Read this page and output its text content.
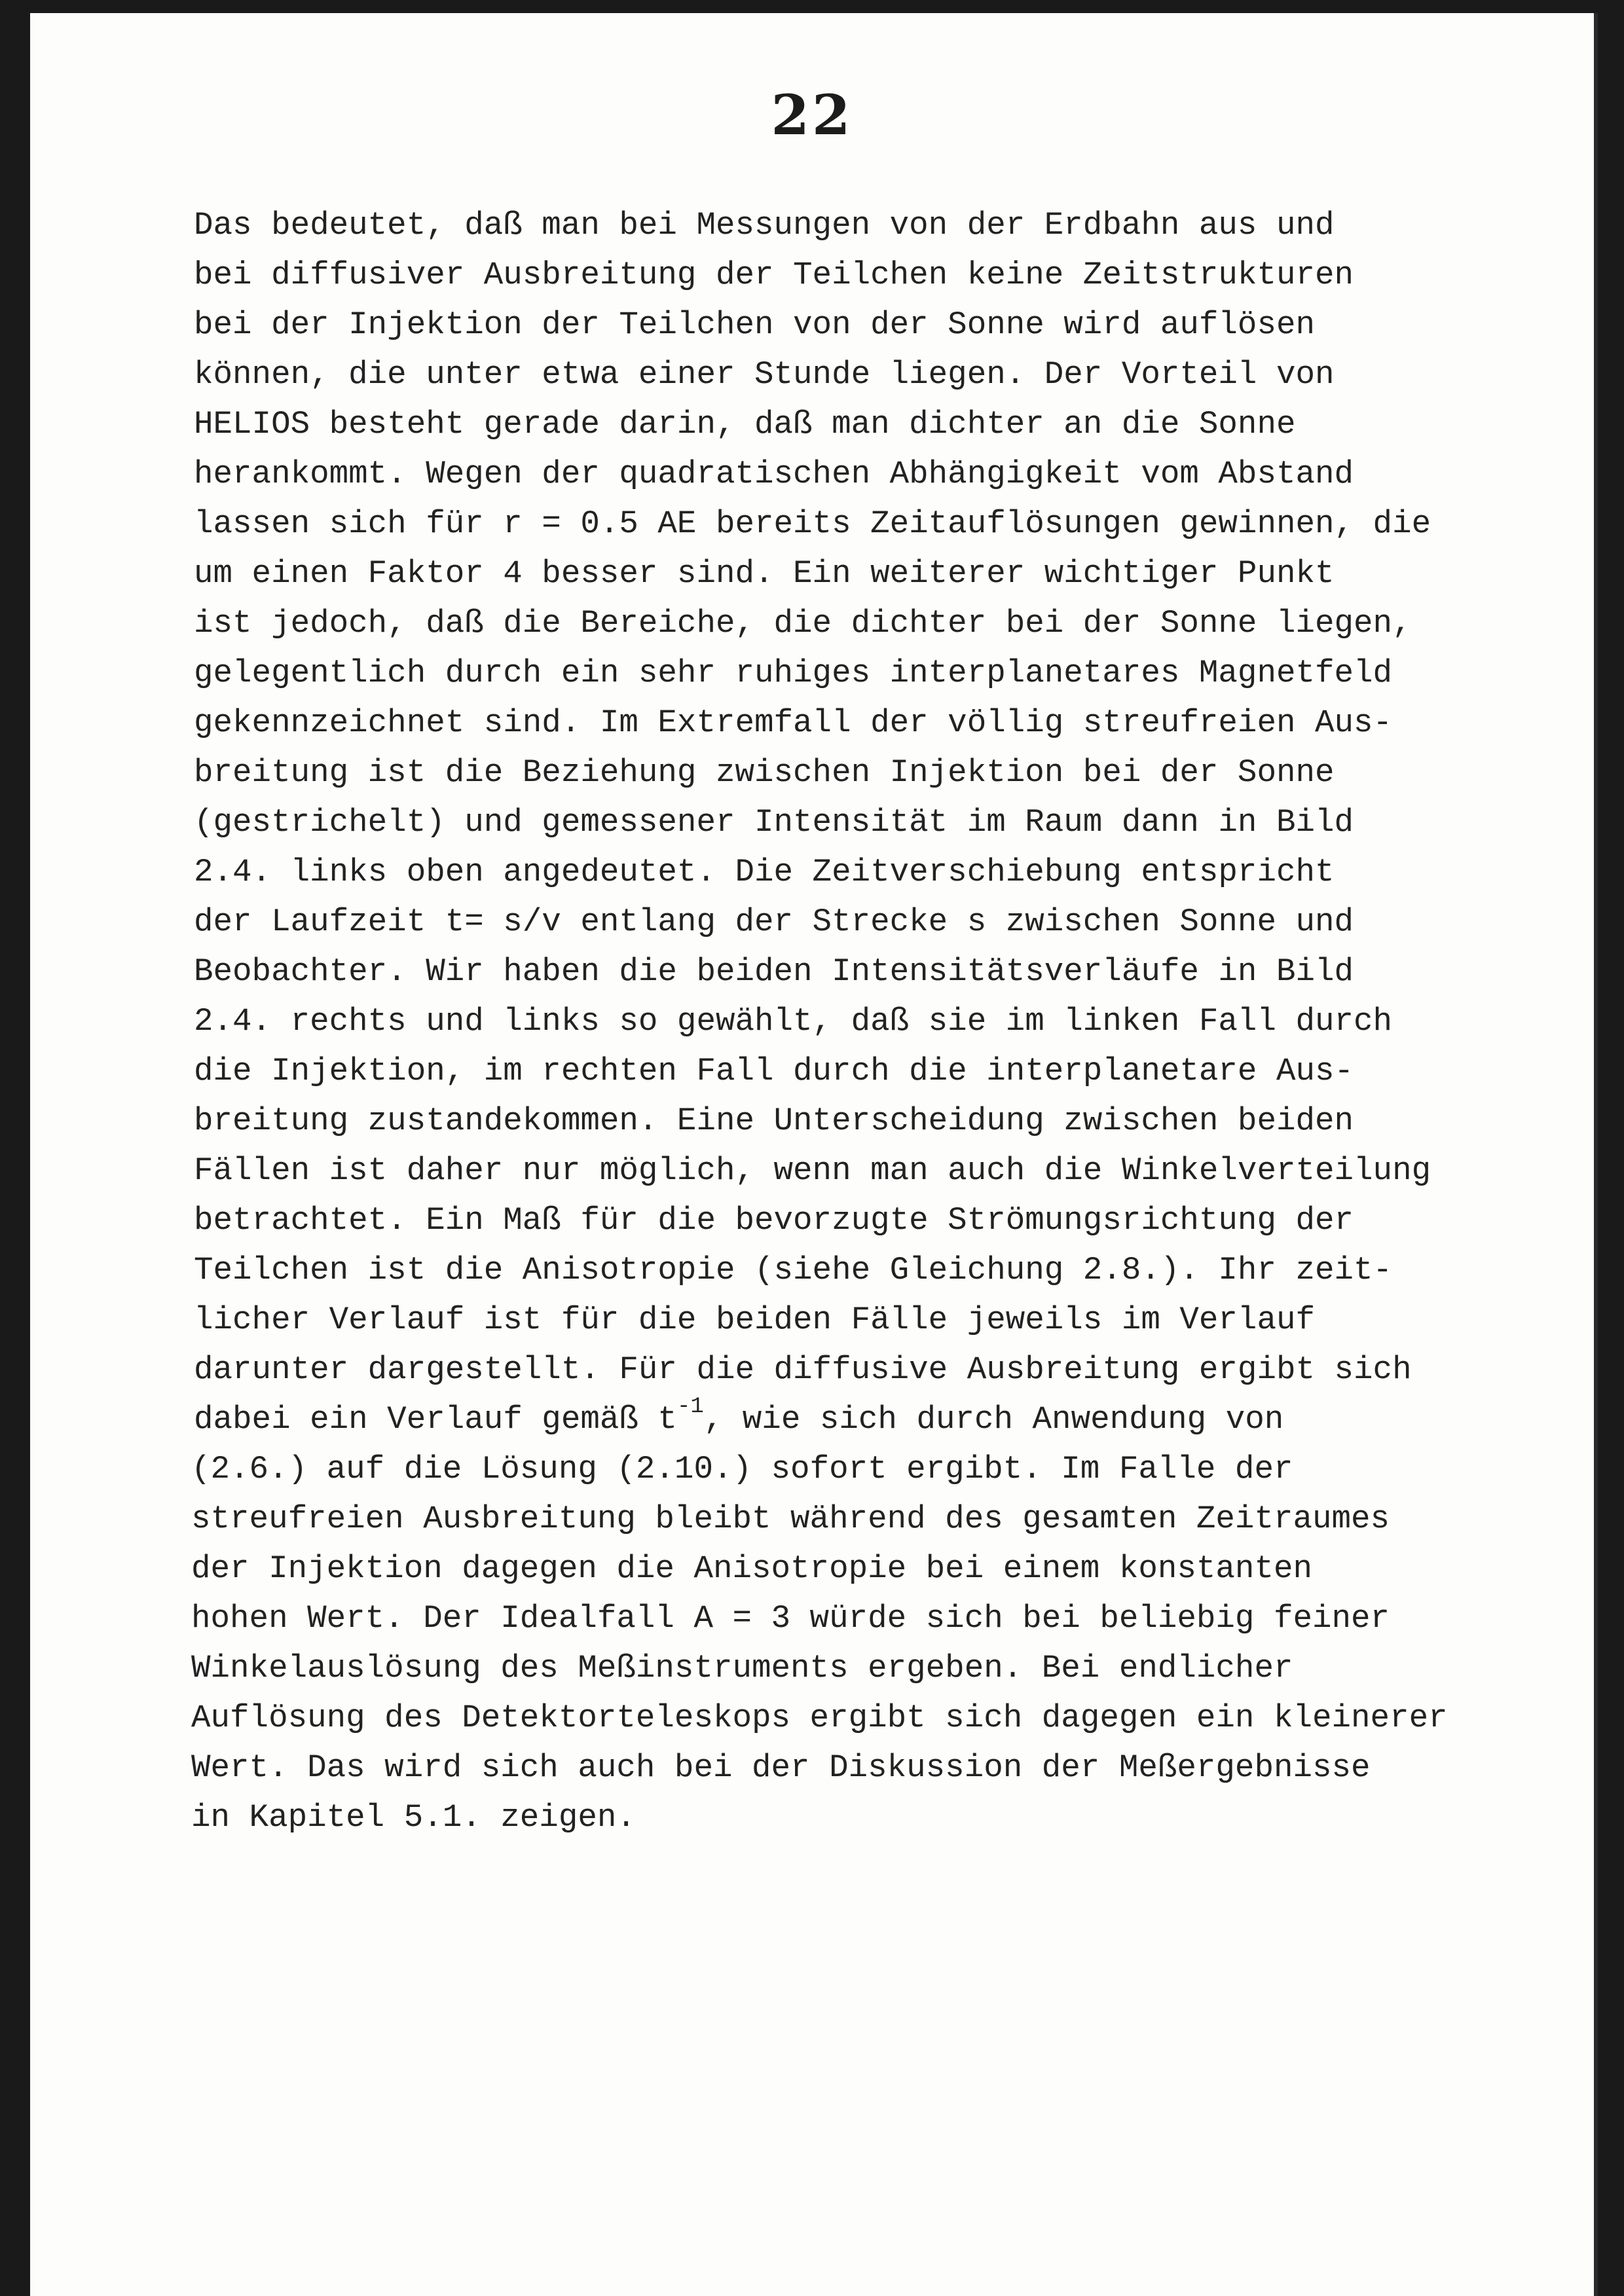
22
Das bedeutet, daß man bei Messungen von der Erdbahn aus und
bei diffusiver Ausbreitung der Teilchen keine Zeitstrukturen
bei der Injektion der Teilchen von der Sonne wird auflösen
können, die unter etwa einer Stunde liegen. Der Vorteil von
HELIOS besteht gerade darin, daß man dichter an die Sonne
herankommt. Wegen der quadratischen Abhängigkeit vom Abstand
lassen sich für r = 0.5 AE bereits Zeitauflösungen gewinnen, die
um einen Faktor 4 besser sind. Ein weiterer wichtiger Punkt
ist jedoch, daß die Bereiche, die dichter bei der Sonne liegen,
gelegentlich durch ein sehr ruhiges interplanetares Magnetfeld
gekennzeichnet sind. Im Extremfall der völlig streufreien Aus-
breitung ist die Beziehung zwischen Injektion bei der Sonne
(gestrichelt) und gemessener Intensität im Raum dann in Bild
2.4. links oben angedeutet. Die Zeitverschiebung entspricht
der Laufzeit t= s/v entlang der Strecke s zwischen Sonne und
Beobachter. Wir haben die beiden Intensitätsverläufe in Bild
2.4. rechts und links so gewählt, daß sie im linken Fall durch
die Injektion, im rechten Fall durch die interplanetare Aus-
breitung zustandekommen. Eine Unterscheidung zwischen beiden
Fällen ist daher nur möglich, wenn man auch die Winkelverteilung
betrachtet. Ein Maß für die bevorzugte Strömungsrichtung der
Teilchen ist die Anisotropie (siehe Gleichung 2.8.). Ihr zeit-
licher Verlauf ist für die beiden Fälle jeweils im Verlauf
darunter dargestellt. Für die diffusive Ausbreitung ergibt sich
dabei ein Verlauf gemäß $t^{-1}$, wie sich durch Anwendung von
(2.6.) auf die Lösung (2.10.) sofort ergibt. Im Falle der
streufreien Ausbreitung bleibt während des gesamten Zeitraumes
der Injektion dagegen die Anisotropie bei einem konstanten
hohen Wert. Der Idealfall A = 3 würde sich bei beliebig feiner
Winkelauslösung des Meßinstruments ergeben. Bei endlicher
Auflösung des Detektorteleskops ergibt sich dagegen ein kleinerer
Wert. Das wird sich auch bei der Diskussion der Meßergebnisse
in Kapitel 5.1. zeigen.
